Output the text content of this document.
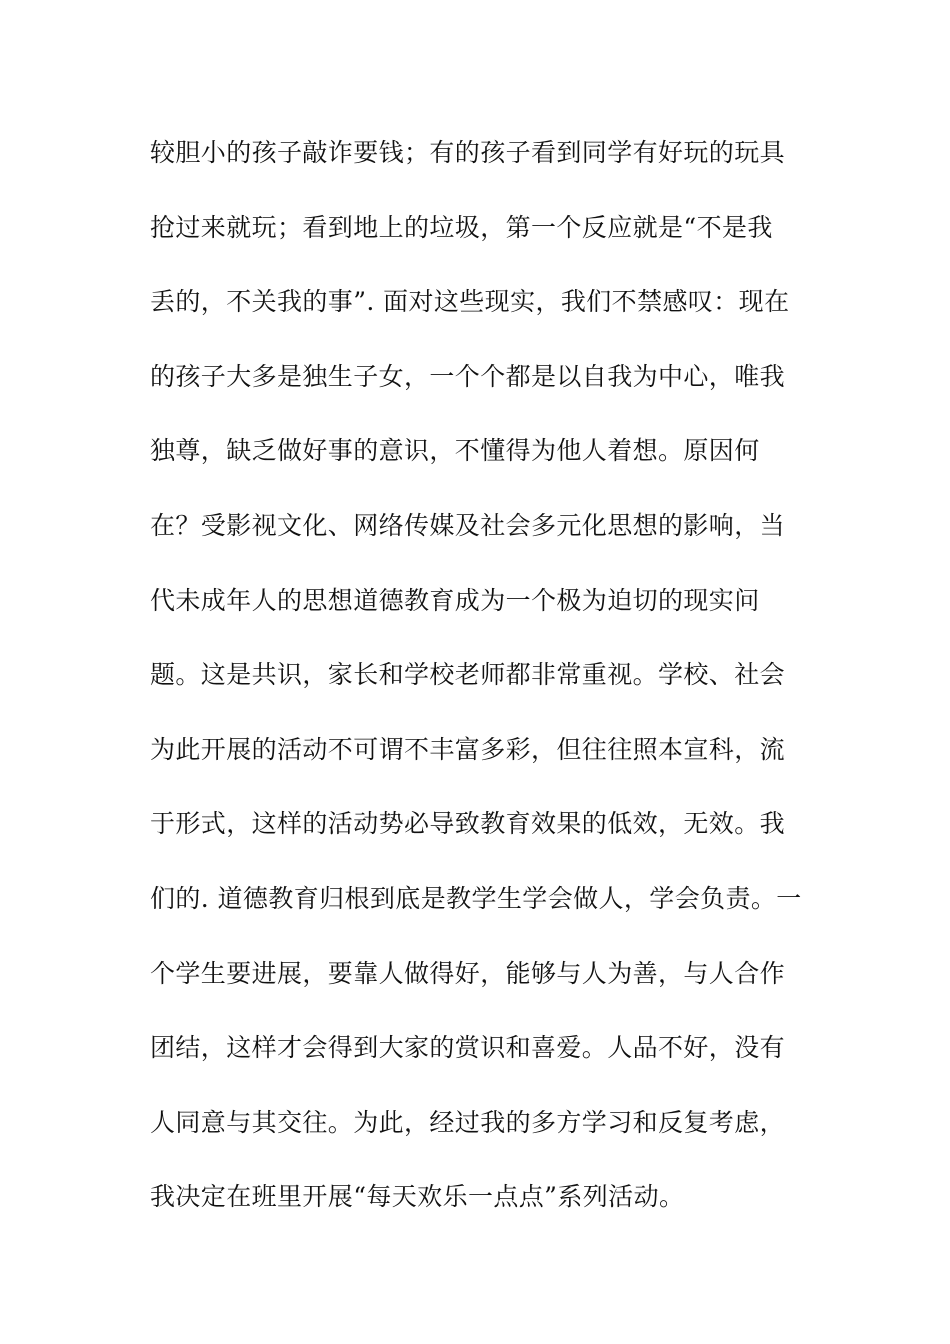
较胆小的孩子敲诈要钱；有的孩子看到同学有好玩的玩具
抢过来就玩；看到地上的垃圾，第一个反应就是“不是我
丢的，不关我的事”. 面对这些现实，我们不禁感叹：现在
的孩子大多是独生子女，一个个都是以自我为中心，唯我
独尊，缺乏做好事的意识，不懂得为他人着想。原因何
在？受影视文化、网络传媒及社会多元化思想的影响，当
代未成年人的思想道德教育成为一个极为迫切的现实问
题。这是共识，家长和学校老师都非常重视。学校、社会
为此开展的活动不可谓不丰富多彩，但往往照本宣科，流
于形式，这样的活动势必导致教育效果的低效，无效。我
们的. 道德教育归根到底是教学生学会做人，学会负责。一
个学生要进展，要靠人做得好，能够与人为善，与人合作
团结，这样才会得到大家的赏识和喜爱。人品不好，没有
人同意与其交往。为此，经过我的多方学习和反复考虑，
我决定在班里开展“每天欢乐一点点”系列活动。
